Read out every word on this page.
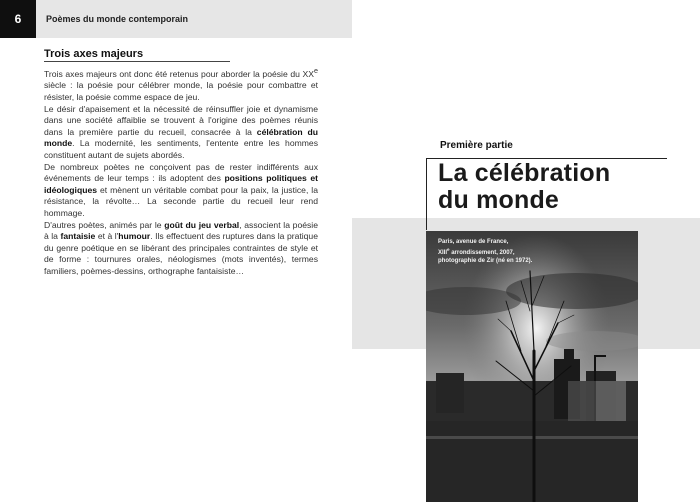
6	Poèmes du monde contemporain
Trois axes majeurs

Trois axes majeurs ont donc été retenus pour aborder la poésie du XXe siècle : la poésie pour célébrer monde, la poésie pour combattre et résister, la poésie comme espace de jeu.

Le désir d'apaisement et la nécessité de réinsuffler joie et dynamisme dans une société affaiblie se trouvent à l'origine des poèmes réunis dans la première partie du recueil, consacrée à la célébration du monde. La modernité, les sentiments, l'entente entre les hommes constituent autant de sujets abordés.

De nombreux poètes ne conçoivent pas de rester indifférents aux événements de leur temps : ils adoptent des positions politiques et idéologiques et mènent un véritable combat pour la paix, la justice, la résistance, la révolte… La seconde partie du recueil leur rend hommage.

D'autres poètes, animés par le goût du jeu verbal, associent la poésie à la fantaisie et à l'humour. Ils effectuent des ruptures dans la pratique du genre poétique en se libérant des principales contraintes de style et de forme : tournures orales, néologismes (mots inventés), termes familiers, poèmes-dessins, orthographe fantaisiste…

Première partie
La célébration
du monde
Paris, avenue de France,
XIIIe arrondissement, 2007,
photographie de Zir (né en 1972).
